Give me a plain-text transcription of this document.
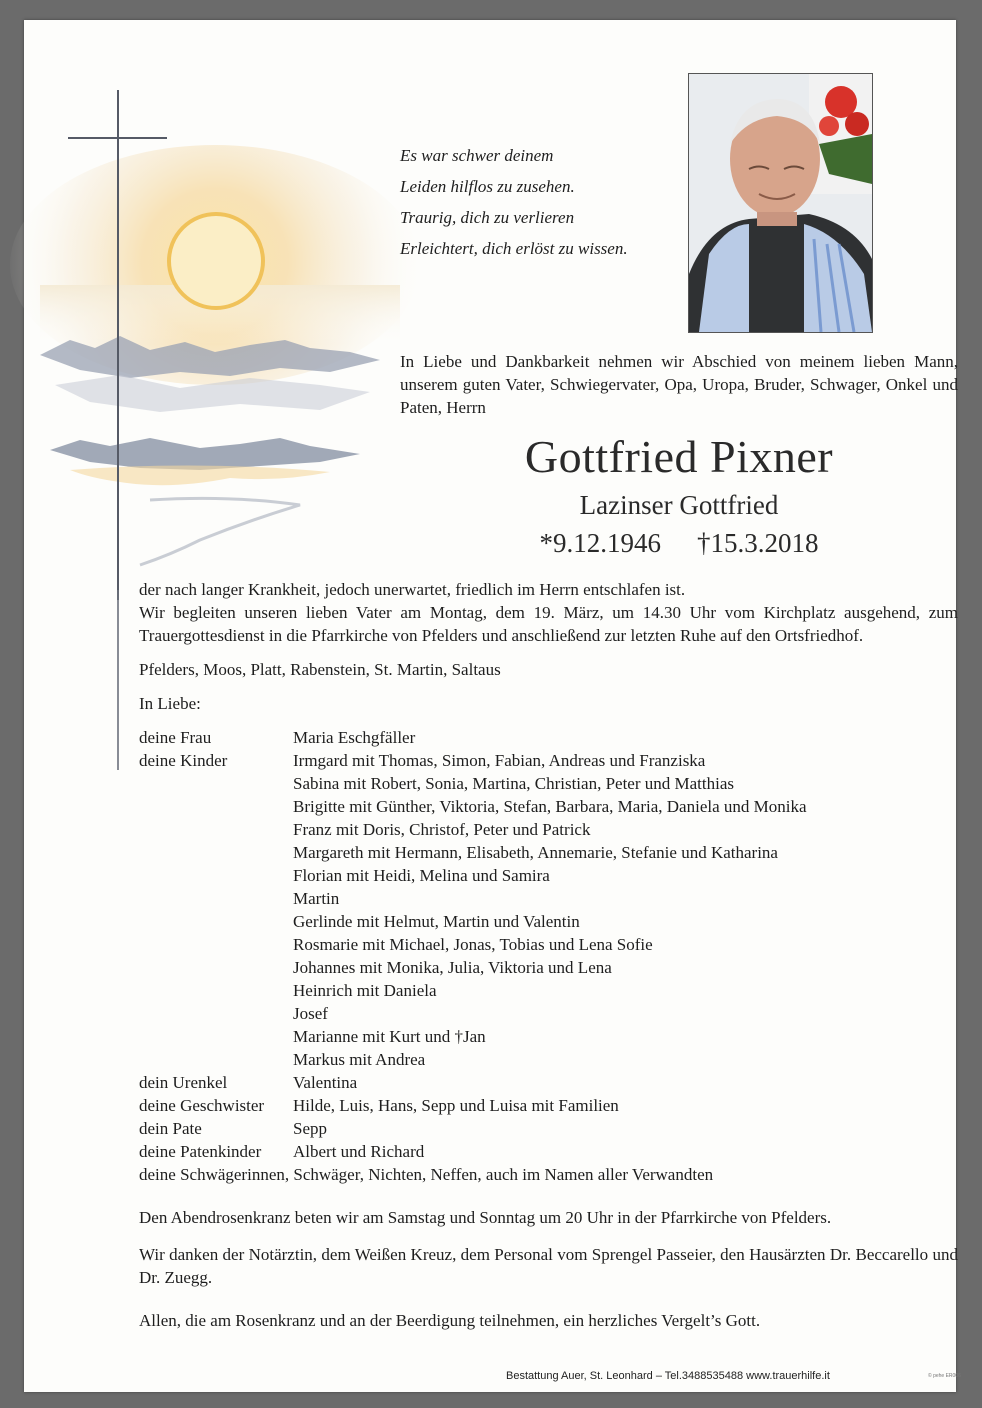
Es war schwer deinem
Leiden hilflos zu zusehen.
Traurig, dich zu verlieren
Erleichtert, dich erlöst zu wissen.
In Liebe und Dankbarkeit nehmen wir Abschied von meinem lieben Mann, unserem guten Vater, Schwiegervater, Opa, Uropa, Bruder, Schwager, Onkel und Paten, Herrn
Gottfried Pixner
Lazinser Gottfried
*9.12.1946 †15.3.2018

der nach langer Krankheit, jedoch unerwartet, friedlich im Herrn entschlafen ist.

Wir begleiten unseren lieben Vater am Montag, dem 19. März, um 14.30 Uhr vom Kirchplatz ausgehend, zum Trauergottesdienst in die Pfarrkirche von Pfelders und anschließend zur letzten Ruhe auf den Ortsfriedhof.

Pfelders, Moos, Platt, Rabenstein, St. Martin, Saltaus

In Liebe:

deine Frau	Maria Eschgfäller
deine Kinder	Irmgard mit Thomas, Simon, Fabian, Andreas und Franziska
Sabina mit Robert, Sonia, Martina, Christian, Peter und Matthias
Brigitte mit Günther, Viktoria, Stefan, Barbara, Maria, Daniela und Monika
Franz mit Doris, Christof, Peter und Patrick
Margareth mit Hermann, Elisabeth, Annemarie, Stefanie und Katharina
Florian mit Heidi, Melina und Samira
Martin
Gerlinde mit Helmut, Martin und Valentin
Rosmarie mit Michael, Jonas, Tobias und Lena Sofie
Johannes mit Monika, Julia, Viktoria und Lena
Heinrich mit Daniela
Josef
Marianne mit Kurt und †Jan
Markus mit Andrea
dein Urenkel	Valentina
deine Geschwister	Hilde, Luis, Hans, Sepp und Luisa mit Familien
dein Pate	Sepp
deine Patenkinder	Albert und Richard
deine Schwägerinnen, Schwäger, Nichten, Neffen, auch im Namen aller Verwandten

Den Abendrosenkranz beten wir am Samstag und Sonntag um 20 Uhr in der Pfarrkirche von Pfelders.

Wir danken der Notärztin, dem Weißen Kreuz, dem Personal vom Sprengel Passeier, den Hausärzten Dr. Beccarello und Dr. Zuegg.

Allen, die am Rosenkranz und an der Beerdigung teilnehmen, ein herzliches Vergelt’s Gott.

Bestattung Auer, St. Leonhard – Tel.3488535488 www.trauerhilfe.it	© pehe ER006
